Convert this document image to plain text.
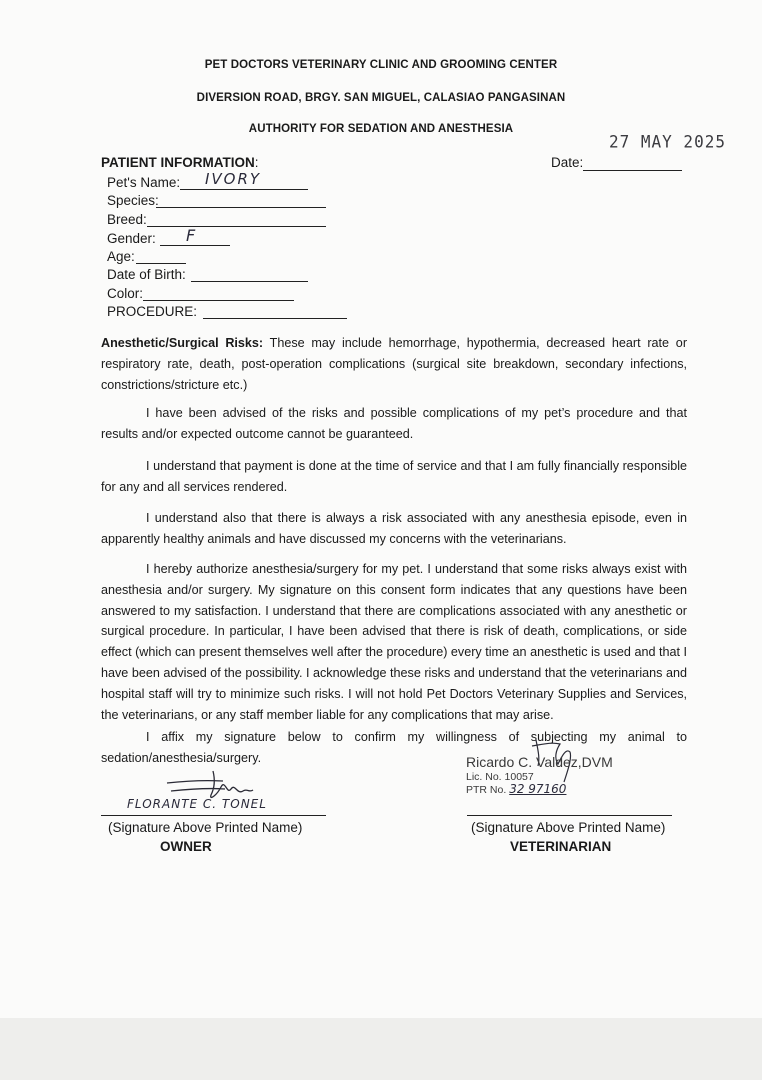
PET DOCTORS VETERINARY CLINIC AND GROOMING CENTER
DIVERSION ROAD, BRGY. SAN MIGUEL, CALASIAO PANGASINAN
AUTHORITY FOR SEDATION AND ANESTHESIA
27 MAY 2025
Date:
PATIENT INFORMATION:
Pet's Name: IVORY
Species:
Breed:
Gender: F
Age:
Date of Birth:
Color:
PROCEDURE:
Anesthetic/Surgical Risks: These may include hemorrhage, hypothermia, decreased heart rate or respiratory rate, death, post-operation complications (surgical site breakdown, secondary infections, constrictions/stricture etc.)
I have been advised of the risks and possible complications of my pet’s procedure and that results and/or expected outcome cannot be guaranteed.
I understand that payment is done at the time of service and that I am fully financially responsible for any and all services rendered.
I understand also that there is always a risk associated with any anesthesia episode, even in apparently healthy animals and have discussed my concerns with the veterinarians.
I hereby authorize anesthesia/surgery for my pet. I understand that some risks always exist with anesthesia and/or surgery. My signature on this consent form indicates that any questions have been answered to my satisfaction. I understand that there are complications associated with any anesthetic or surgical procedure. In particular, I have been advised that there is risk of death, complications, or side effect (which can present themselves well after the procedure) every time an anesthetic is used and that I have been advised of the possibility. I acknowledge these risks and understand that the veterinarians and hospital staff will try to minimize such risks. I will not hold Pet Doctors Veterinary Supplies and Services, the veterinarians, or any staff member liable for any complications that may arise.
I affix my signature below to confirm my willingness of subjecting my animal to sedation/anesthesia/surgery.
FLORANTE C. TONEL
(Signature Above Printed Name)
OWNER
Ricardo C. Valdez,DVM
Lic. No. 10057
PTR No. 32 97160
(Signature Above Printed Name)
VETERINARIAN
